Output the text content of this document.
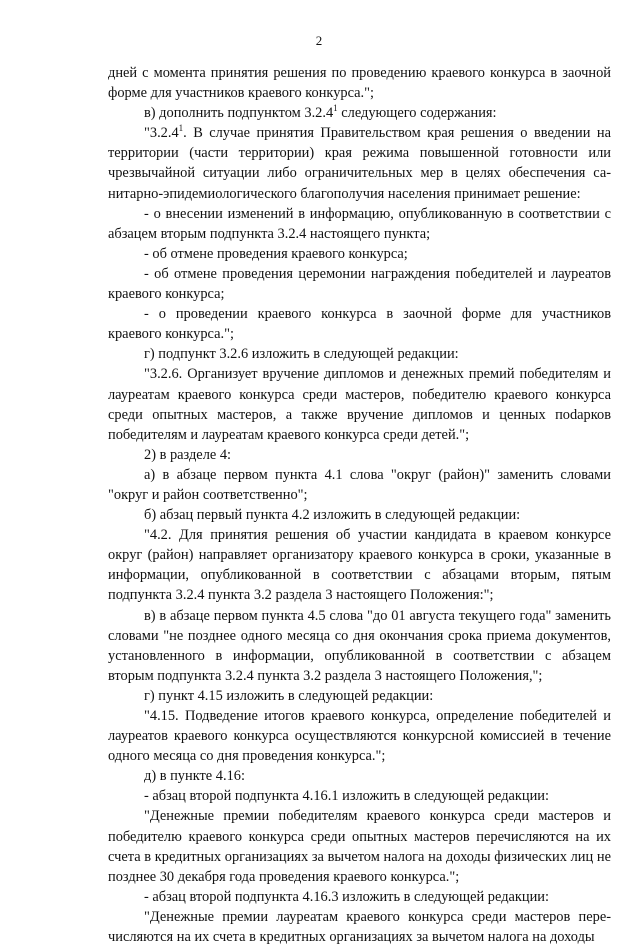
2

дней с момента принятия решения по проведению краевого конкурса в заочной форме для участников краевого конкурса.";

в) дополнить подпунктом 3.2.4$^1$ следующего содержания:

"3.2.4$^1$. В случае принятия Правительством края решения о введении на территории (части территории) края режима повышенной готовности или чрезвычайной ситуации либо ограничительных мер в целях обеспечения санитарно-эпидемиологического благополучия населения принимает решение:

- о внесении изменений в информацию, опубликованную в соответствии с абзацем вторым подпункта 3.2.4 настоящего пункта;

- об отмене проведения краевого конкурса;

- об отмене проведения церемонии награждения победителей и лауреатов краевого конкурса;

- о проведении краевого конкурса в заочной форме для участников краевого конкурса.";

г) подпункт 3.2.6 изложить в следующей редакции:

"3.2.6. Организует вручение дипломов и денежных премий победителям и лауреатам краевого конкурса среди мастеров, победителю краевого конкурса среди опытных мастеров, а также вручение дипломов и ценных поdарков победителям и лауреатам краевого конкурса среди детей.";

2) в разделе 4:

а) в абзаце первом пункта 4.1 слова "округ (район)" заменить словами "округ и район соответственно";

б) абзац первый пункта 4.2 изложить в следующей редакции:

"4.2. Для принятия решения об участии кандидата в краевом конкурсе округ (район) направляет организатору краевого конкурса в сроки, указанные в информации, опубликованной в соответствии с абзацами вторым, пятым подпункта 3.2.4 пункта 3.2 раздела 3 настоящего Положения:";

в) в абзаце первом пункта 4.5 слова "до 01 августа текущего года" заменить словами "не позднее одного месяца со дня окончания срока приема документов, установленного в информации, опубликованной в соответствии с абзацем вторым подпункта 3.2.4 пункта 3.2 раздела 3 настоящего Положения,";

г) пункт 4.15 изложить в следующей редакции:

"4.15. Подведение итогов краевого конкурса, определение победителей и лауреатов краевого конкурса осуществляются конкурсной комиссией в течение одного месяца со дня проведения конкурса.";

д) в пункте 4.16:

- абзац второй подпункта 4.16.1 изложить в следующей редакции:

"Денежные премии победителям краевого конкурса среди мастеров и победителю краевого конкурса среди опытных мастеров перечисляются на их счета в кредитных организациях за вычетом налога на доходы физических лиц не позднее 30 декабря года проведения краевого конкурса.";

- абзац второй подпункта 4.16.3 изложить в следующей редакции:

"Денежные премии лауреатам краевого конкурса среди мастеров перечисляются на их счета в кредитных организациях за вычетом налога на доходы
